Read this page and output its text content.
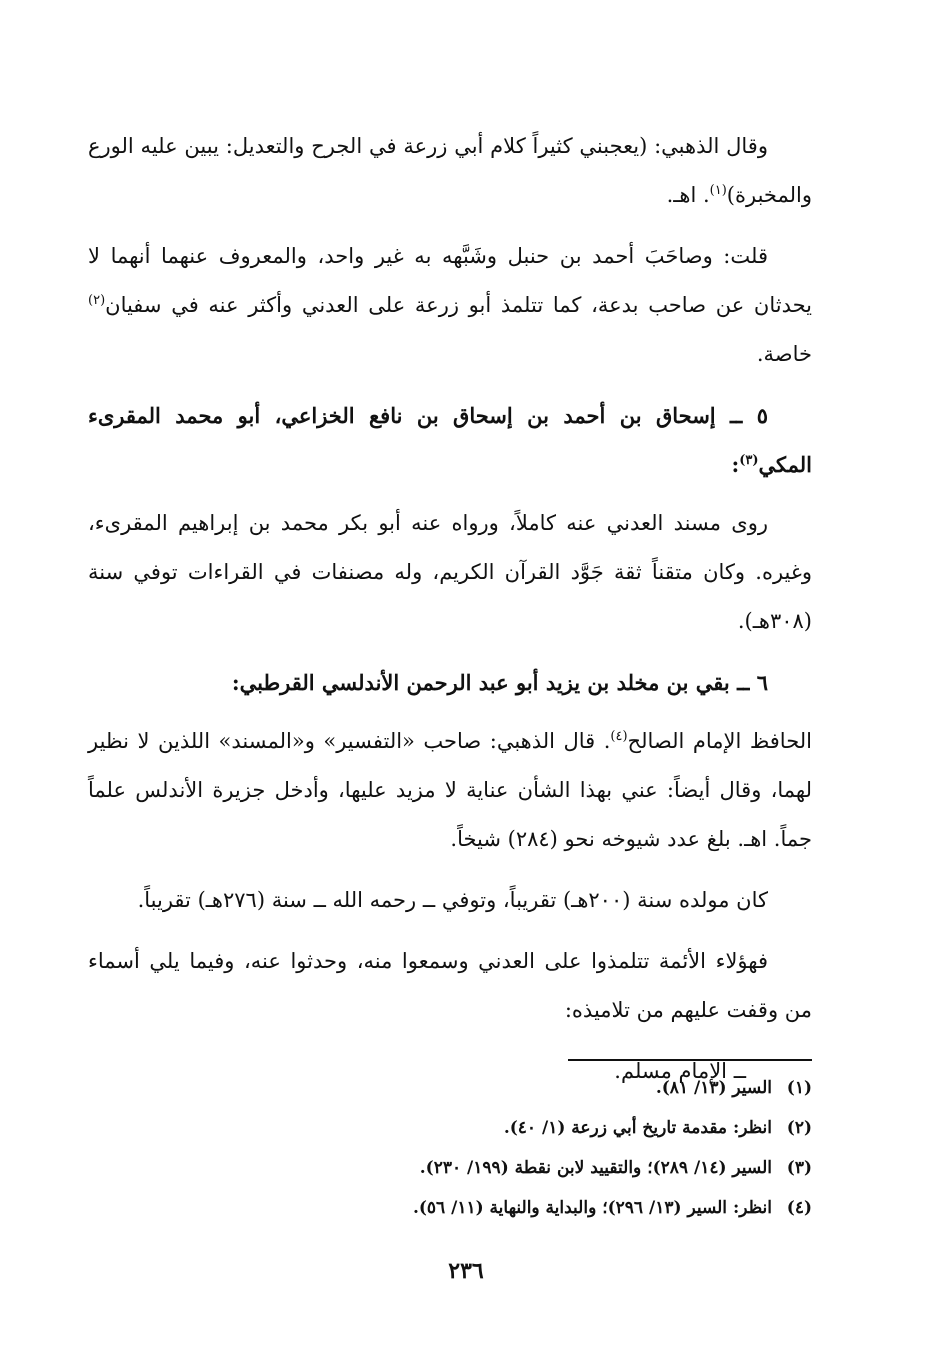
وقال الذهبي: (يعجبني كثيراً كلام أبي زرعة في الجرح والتعديل: يبين عليه الورع والمخبرة)$^{(١)}$. اهـ.

قلت: وصاحَبَ أحمد بن حنبل وشَبَّهه به غير واحد، والمعروف عنهما أنهما لا يحدثان عن صاحب بدعة، كما تتلمذ أبو زرعة على العدني وأكثر عنه في سفيان$^{(٢)}$ خاصة.

٥ ــ إسحاق بن أحمد بن إسحاق بن نافع الخزاعي، أبو محمد المقرىء المكي$^{(٣)}$:

روى مسند العدني عنه كاملاً، ورواه عنه أبو بكر محمد بن إبراهيم المقرىء، وغيره. وكان متقناً ثقة جَوَّد القرآن الكريم، وله مصنفات في القراءات توفي سنة (٣٠٨هـ).

٦ ــ بقي بن مخلد بن يزيد أبو عبد الرحمن الأندلسي القرطبي:

الحافظ الإمام الصالح$^{(٤)}$. قال الذهبي: صاحب «التفسير» و«المسند» اللذين لا نظير لهما، وقال أيضاً: عني بهذا الشأن عناية لا مزيد عليها، وأدخل جزيرة الأندلس علماً جماً. اهـ. بلغ عدد شيوخه نحو (٢٨٤) شيخاً.

كان مولده سنة (٢٠٠هـ) تقريباً، وتوفي ــ رحمه الله ــ سنة (٢٧٦هـ) تقريباً.

فهؤلاء الأئمة تتلمذوا على العدني وسمعوا منه، وحدثوا عنه، وفيما يلي أسماء من وقفت عليهم من تلاميذه:

ــ الإمام مسلم.

(١)السير (١٣/ ٨١).

(٢)انظر: مقدمة تاريخ أبي زرعة (١/ ٤٠).

(٣)السير (١٤/ ٢٨٩)؛ والتقييد لابن نقطة (١٩٩/ ٢٣٠).

(٤)انظر: السير (١٣/ ٢٩٦)؛ والبداية والنهاية (١١/ ٥٦).

٢٣٦
